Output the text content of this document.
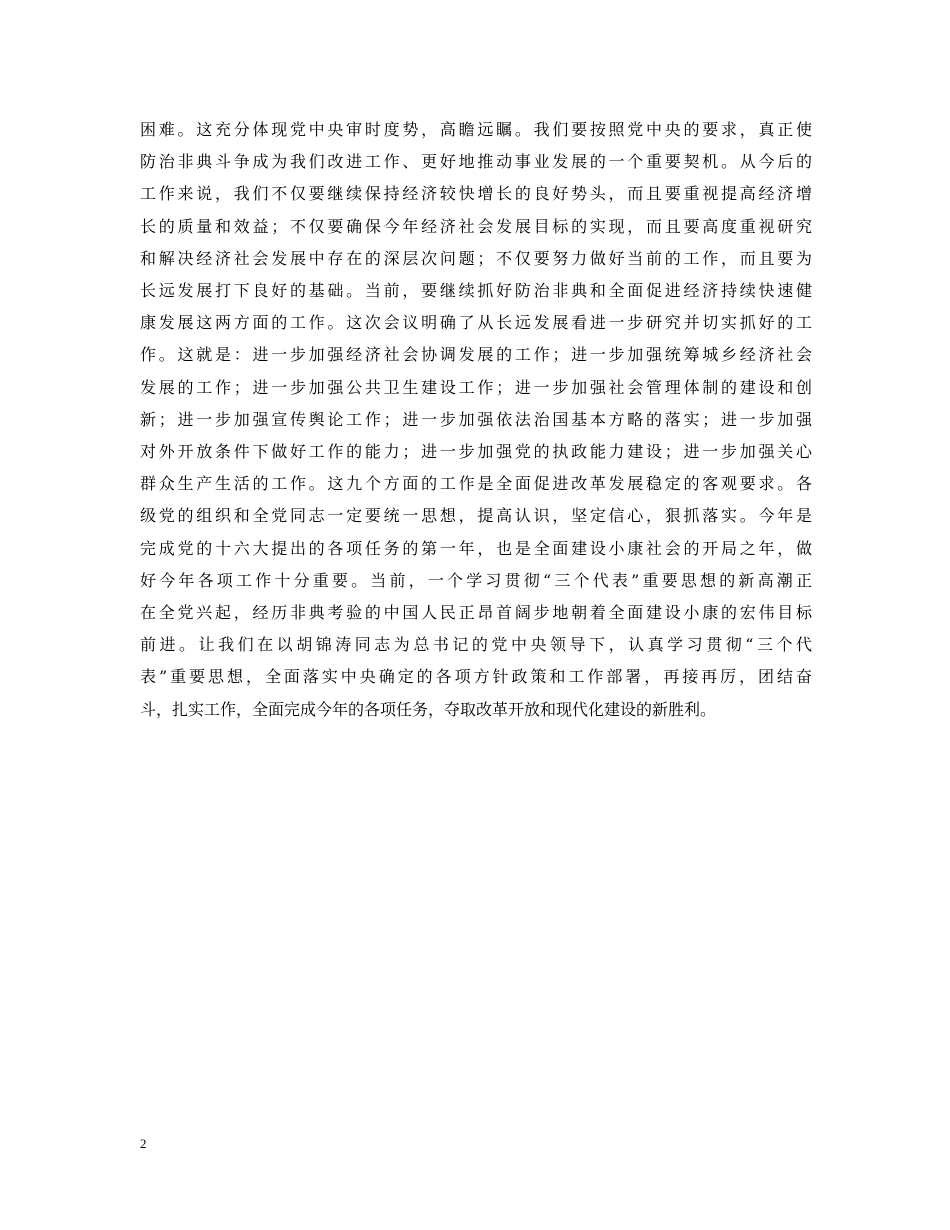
困难。这充分体现党中央审时度势，高瞻远瞩。我们要按照党中央的要求，真正使
防治非典斗争成为我们改进工作、更好地推动事业发展的一个重要契机。从今后的
工作来说，我们不仅要继续保持经济较快增长的良好势头，而且要重视提高经济增
长的质量和效益；不仅要确保今年经济社会发展目标的实现，而且要高度重视研究
和解决经济社会发展中存在的深层次问题；不仅要努力做好当前的工作，而且要为
长远发展打下良好的基础。当前，要继续抓好防治非典和全面促进经济持续快速健
康发展这两方面的工作。这次会议明确了从长远发展看进一步研究并切实抓好的工
作。这就是：进一步加强经济社会协调发展的工作；进一步加强统筹城乡经济社会
发展的工作；进一步加强公共卫生建设工作；进一步加强社会管理体制的建设和创
新；进一步加强宣传舆论工作；进一步加强依法治国基本方略的落实；进一步加强
对外开放条件下做好工作的能力；进一步加强党的执政能力建设；进一步加强关心
群众生产生活的工作。这九个方面的工作是全面促进改革发展稳定的客观要求。各
级党的组织和全党同志一定要统一思想，提高认识，坚定信心，狠抓落实。今年是
完成党的十六大提出的各项任务的第一年，也是全面建设小康社会的开局之年，做
好今年各项工作十分重要。当前，一个学习贯彻“三个代表”重要思想的新高潮正
在全党兴起，经历非典考验的中国人民正昂首阔步地朝着全面建设小康的宏伟目标
前进。让我们在以胡锦涛同志为总书记的党中央领导下，认真学习贯彻“三个代
表”重要思想，全面落实中央确定的各项方针政策和工作部署，再接再厉，团结奋
斗，扎实工作，全面完成今年的各项任务，夺取改革开放和现代化建设的新胜利。

2
